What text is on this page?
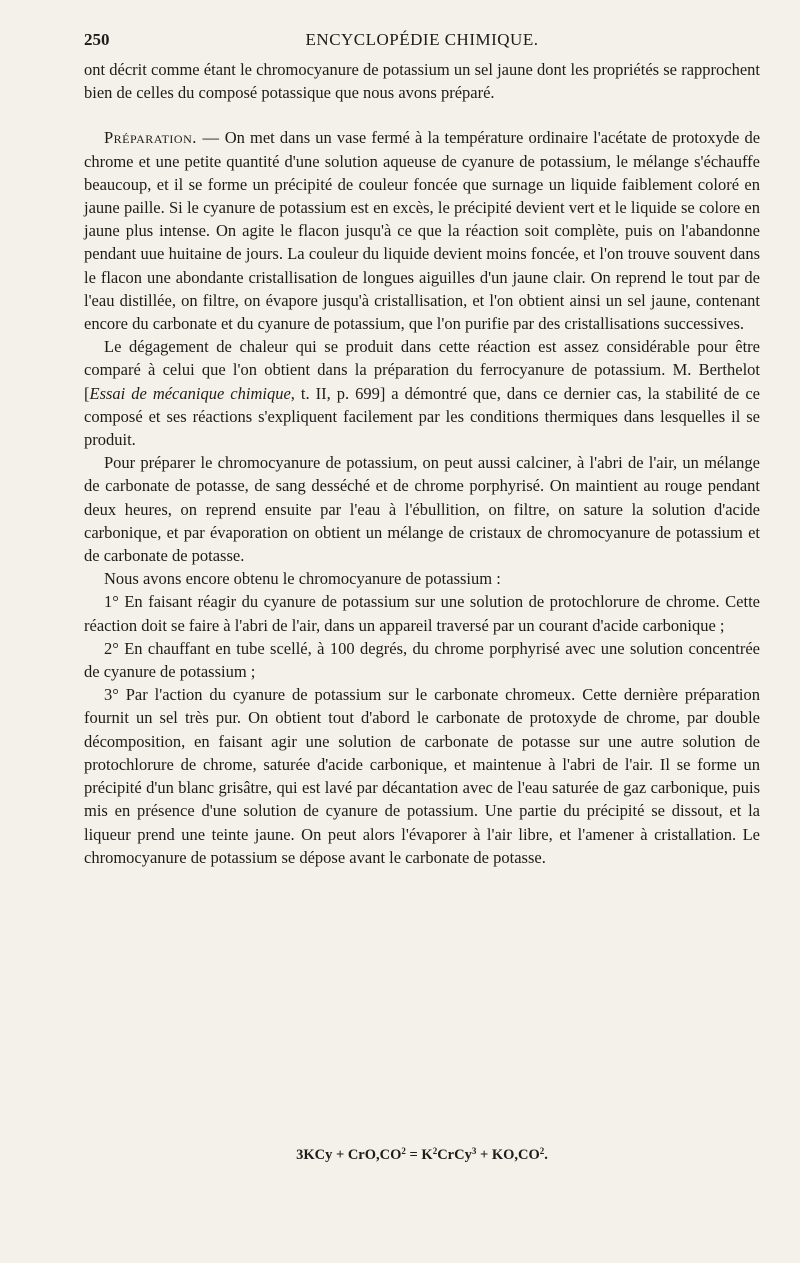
250	ENCYCLOPÉDIE CHIMIQUE.

ont décrit comme étant le chromocyanure de potassium un sel jaune dont les propriétés se rapprochent bien de celles du composé potassique que nous avons préparé.

Préparation. — On met dans un vase fermé à la température ordinaire l'acétate de protoxyde de chrome et une petite quantité d'une solution aqueuse de cyanure de potassium, le mélange s'échauffe beaucoup, et il se forme un précipité de couleur foncée que surnage un liquide faiblement coloré en jaune paille. Si le cyanure de potassium est en excès, le précipité devient vert et le liquide se colore en jaune plus intense. On agite le flacon jusqu'à ce que la réaction soit complète, puis on l'abandonne pendant uue huitaine de jours. La couleur du liquide devient moins foncée, et l'on trouve souvent dans le flacon une abondante cristallisation de longues aiguilles d'un jaune clair. On reprend le tout par de l'eau distillée, on filtre, on évapore jusqu'à cristallisation, et l'on obtient ainsi un sel jaune, contenant encore du carbonate et du cyanure de potassium, que l'on purifie par des cristallisations successives.

Le dégagement de chaleur qui se produit dans cette réaction est assez considérable pour être comparé à celui que l'on obtient dans la préparation du ferrocyanure de potassium. M. Berthelot [Essai de mécanique chimique, t. II, p. 699] a démontré que, dans ce dernier cas, la stabilité de ce composé et ses réactions s'expliquent facilement par les conditions thermiques dans lesquelles il se produit.

Pour préparer le chromocyanure de potassium, on peut aussi calciner, à l'abri de l'air, un mélange de carbonate de potasse, de sang desséché et de chrome porphyrisé. On maintient au rouge pendant deux heures, on reprend ensuite par l'eau à l'ébullition, on filtre, on sature la solution d'acide carbonique, et par évaporation on obtient un mélange de cristaux de chromocyanure de potassium et de carbonate de potasse.

Nous avons encore obtenu le chromocyanure de potassium :

1° En faisant réagir du cyanure de potassium sur une solution de protochlorure de chrome. Cette réaction doit se faire à l'abri de l'air, dans un appareil traversé par un courant d'acide carbonique ;

2° En chauffant en tube scellé, à 100 degrés, du chrome porphyrisé avec une solution concentrée de cyanure de potassium ;

3° Par l'action du cyanure de potassium sur le carbonate chromeux. Cette dernière préparation fournit un sel très pur. On obtient tout d'abord le carbonate de protoxyde de chrome, par double décomposition, en faisant agir une solution de carbonate de potasse sur une autre solution de protochlorure de chrome, saturée d'acide carbonique, et maintenue à l'abri de l'air. Il se forme un précipité d'un blanc grisâtre, qui est lavé par décantation avec de l'eau saturée de gaz carbonique, puis mis en présence d'une solution de cyanure de potassium. Une partie du précipité se dissout, et la liqueur prend une teinte jaune. On peut alors l'évaporer à l'air libre, et l'amener à cristallation. Le chromocyanure de potassium se dépose avant le carbonate de potasse.

$3KCy + CrO,CO^2$ = $K^2CrCy^3 + KO,CO^2$.
